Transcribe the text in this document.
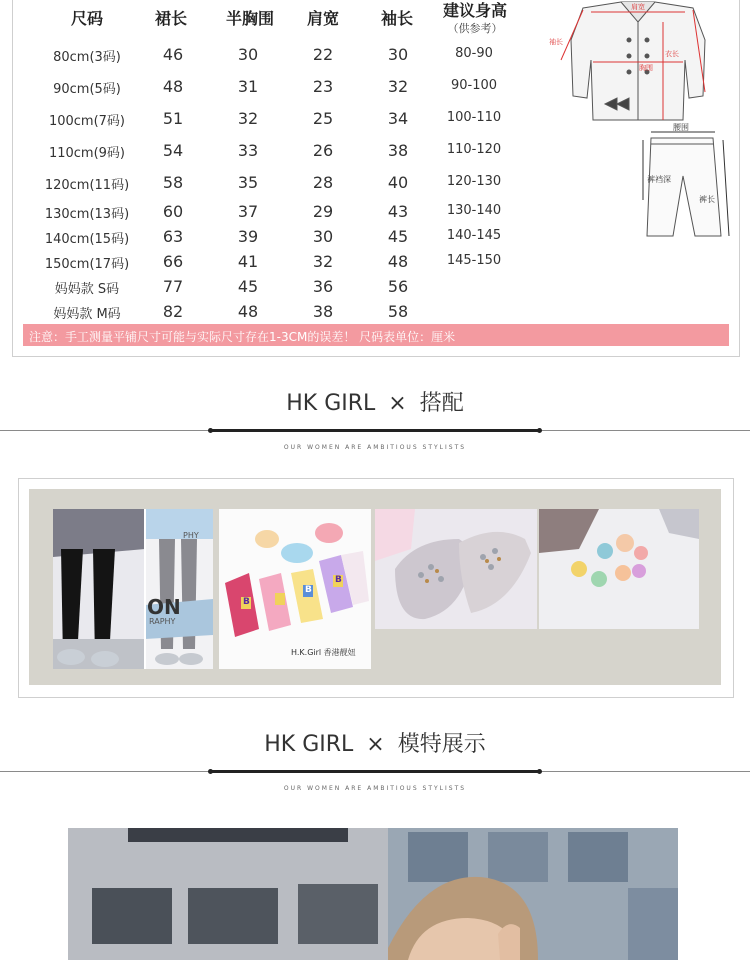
尺码	裙长	半胸围	肩宽	袖长	建议身高
（供参考）
80cm(3码)	46	30	22	30	80-90
90cm(5码)	48	31	23	32	90-100
100cm(7码)	51	32	25	34	100-110
110cm(9码)	54	33	26	38	110-120
120cm(11码)	58	35	28	40	120-130
130cm(13码)	60	37	29	43	130-140
140cm(15码)	63	39	30	45	140-145
150cm(17码)	66	41	32	48	145-150
妈妈款 S码	77	45	36	56
妈妈款 M码	82	48	38	58
肩宽
胸围
衣长
袖长
腰围
裤裆深
裤长
注意：手工测量平铺尺寸可能与实际尺寸存在1-3CM的误差！ 尺码表单位：厘米
HK GIRL × 搭配
OUR WOMEN ARE AMBITIOUS STYLISTS
PHY
ON
RAPHY
B
B
B
H.K.Girl 香港靓妞
HK GIRL × 模特展示
OUR WOMEN ARE AMBITIOUS STYLISTS
